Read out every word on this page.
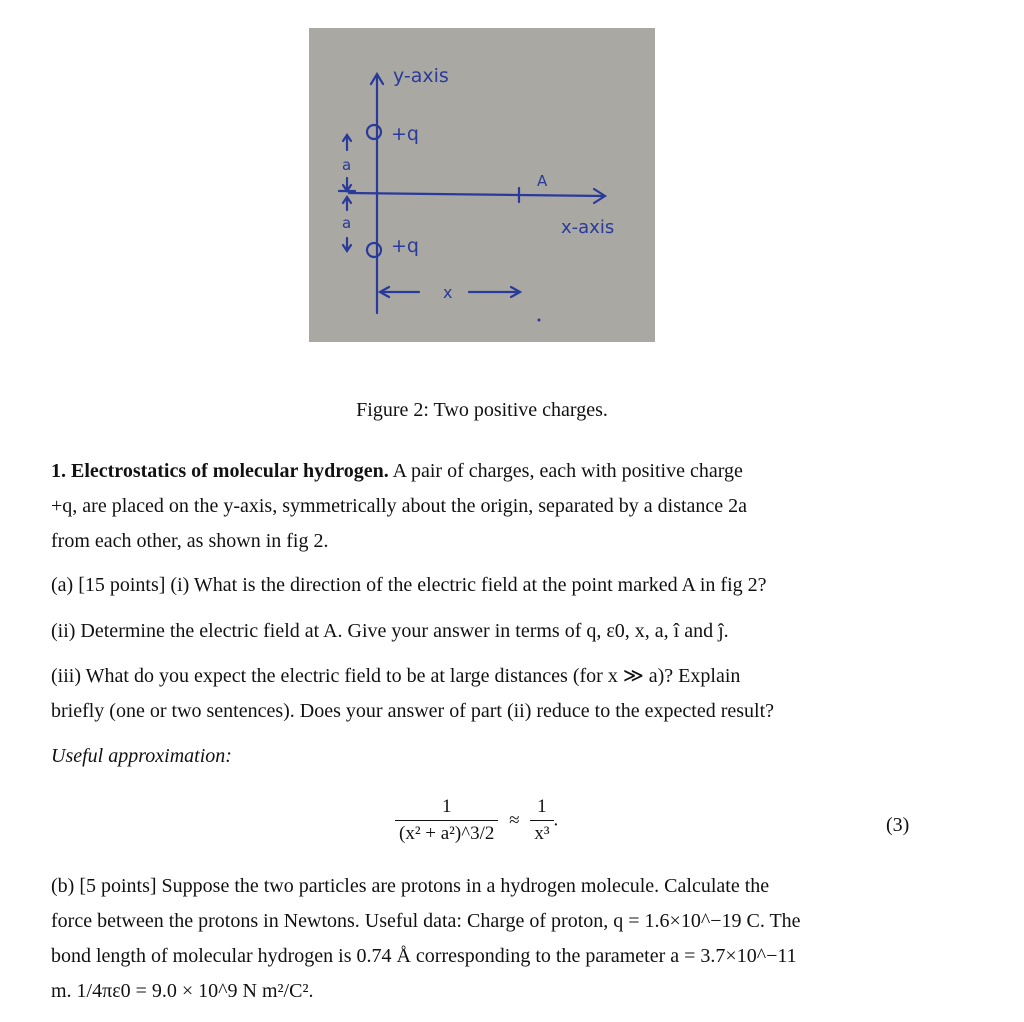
y-axis
+q
+q
a
a
A
x-axis
x
Figure 2: Two positive charges.
1. Electrostatics of molecular hydrogen. A pair of charges, each with positive charge
+q, are placed on the y-axis, symmetrically about the origin, separated by a distance 2a
from each other, as shown in fig 2.
(a) [15 points] (i) What is the direction of the electric field at the point marked A in fig 2?
(ii) Determine the electric field at A. Give your answer in terms of q, ε0, x, a, î and ĵ.
(iii) What do you expect the electric field to be at large distances (for x ≫ a)? Explain
briefly (one or two sentences). Does your answer of part (ii) reduce to the expected result?
Useful approximation:
$\frac{1}{\text{(x² + a²)\textasciicircum{}3/2}} \approx \frac{1}{\text{x³}}$ .	(3)
(b) [5 points] Suppose the two particles are protons in a hydrogen molecule. Calculate the
force between the protons in Newtons. Useful data: Charge of proton, q = 1.6×10^−19 C. The
bond length of molecular hydrogen is 0.74 Å corresponding to the parameter a = 3.7×10^−11
m. 1/4πε0 = 9.0 × 10^9 N m²/C².
